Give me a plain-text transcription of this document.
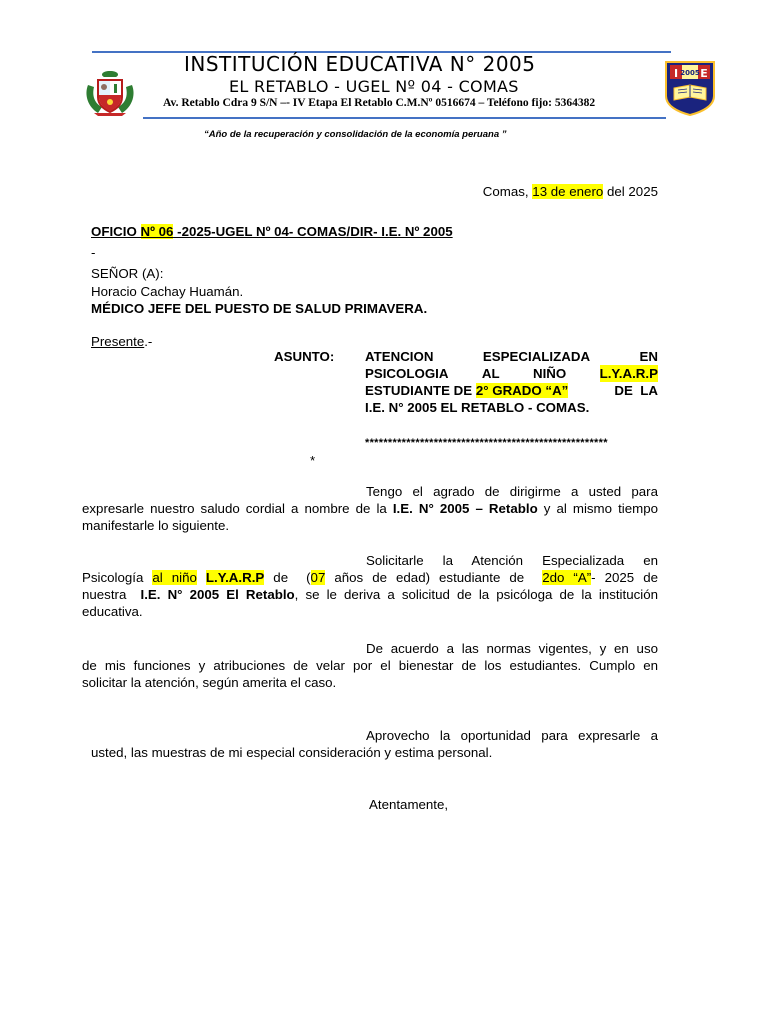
INSTITUCIÓN EDUCATIVA N° 2005
EL RETABLO - UGEL Nº 04 - COMAS
Av. Retablo Cdra 9 S/N –- IV Etapa El Retablo C.M.Nº 0516674 – Teléfono fijo: 5364382
I E
2005
“Año de la recuperación y consolidación de la economía peruana ”
Comas, 13 de enero del 2025
OFICIO Nº 06 -2025-UGEL Nº 04- COMAS/DIR- I.E. Nº 2005
-
SEÑOR (A):
Horacio Cachay Huamán.
MÉDICO JEFE DEL PUESTO DE SALUD PRIMAVERA.
Presente.-
ASUNTO: ATENCION	ESPECIALIZADA	EN
PSICOLOGIA	AL	NIÑO	L.Y.A.R.P
ESTUDIANTE DE 2° GRADO “A”	DE  LA
I.E. N° 2005 EL RETABLO - COMAS.
*****************************************************
*
Tengo el agrado de dirigirme a usted para
expresarle nuestro saludo cordial a nombre de la I.E. N° 2005 – Retablo y al mismo tiempo
manifestarle lo siguiente.
Solicitarle la Atención Especializada en
Psicología al niño L.Y.A.R.P de  (07 años de edad) estudiante de  2do “A”- 2025 de
nuestra  I.E. N° 2005 El Retablo, se le deriva a solicitud de la psicóloga de la institución
educativa.
De acuerdo a las normas vigentes, y en uso
de mis funciones y atribuciones de velar por el bienestar de los estudiantes. Cumplo en
solicitar la atención, según amerita el caso.
Aprovecho la oportunidad para expresarle a
usted, las muestras de mi especial consideración y estima personal.
Atentamente,
